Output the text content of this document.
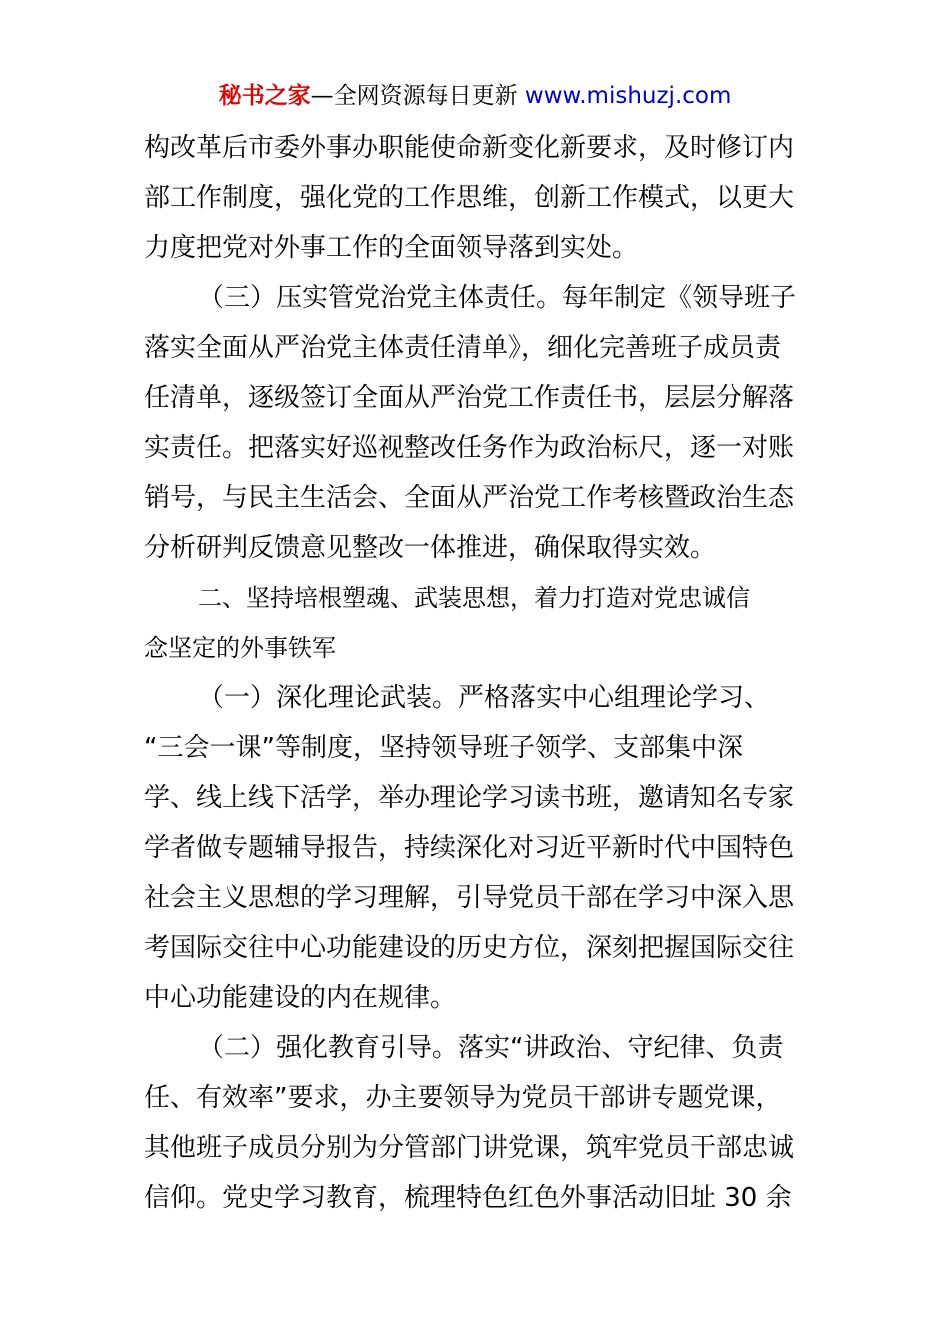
秘书之家—全网资源每日更新 www.mishuzj.com
构改革后市委外事办职能使命新变化新要求，及时修订内
部工作制度，强化党的工作思维，创新工作模式，以更大
力度把党对外事工作的全面领导落到实处。
（三）压实管党治党主体责任。每年制定《领导班子
落实全面从严治党主体责任清单》，细化完善班子成员责
任清单，逐级签订全面从严治党工作责任书，层层分解落
实责任。把落实好巡视整改任务作为政治标尺，逐一对账
销号，与民主生活会、全面从严治党工作考核暨政治生态
分析研判反馈意见整改一体推进，确保取得实效。
二、坚持培根塑魂、武装思想，着力打造对党忠诚信
念坚定的外事铁军
（一）深化理论武装。严格落实中心组理论学习、
“三会一课”等制度，坚持领导班子领学、支部集中深
学、线上线下活学，举办理论学习读书班，邀请知名专家
学者做专题辅导报告，持续深化对习近平新时代中国特色
社会主义思想的学习理解，引导党员干部在学习中深入思
考国际交往中心功能建设的历史方位，深刻把握国际交往
中心功能建设的内在规律。
（二）强化教育引导。落实“讲政治、守纪律、负责
任、有效率”要求，办主要领导为党员干部讲专题党课，
其他班子成员分别为分管部门讲党课，筑牢党员干部忠诚
信仰。党史学习教育，梳理特色红色外事活动旧址 30 余
